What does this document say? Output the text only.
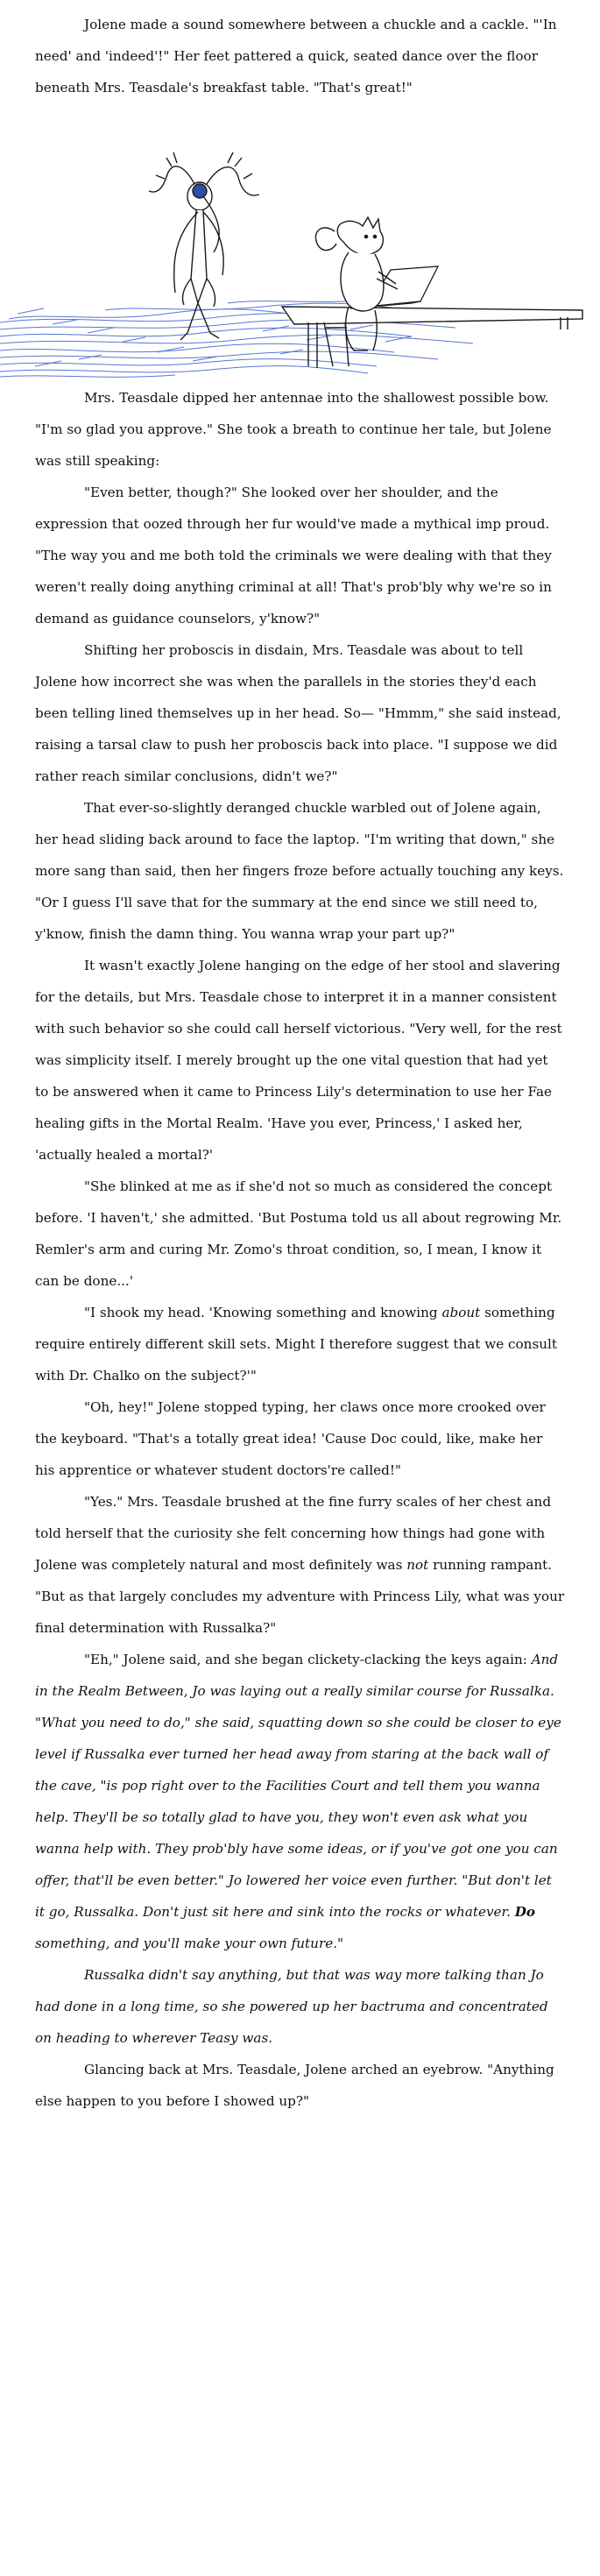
Jolene made a sound somewhere between a chuckle and a cackle. "'In need' and 'indeed'!" Her feet pattered a quick, seated dance over the floor beneath Mrs. Teasdale's breakfast table. "That's great!"

Mrs. Teasdale dipped her antennae into the shallowest possible bow. "I'm so glad you approve." She took a breath to continue her tale, but Jolene was still speaking:

"Even better, though?" She looked over her shoulder, and the expression that oozed through her fur would've made a mythical imp proud. "The way you and me both told the criminals we were dealing with that they weren't really doing anything criminal at all! That's prob'bly why we're so in demand as guidance counselors, y'know?"

Shifting her proboscis in disdain, Mrs. Teasdale was about to tell Jolene how incorrect she was when the parallels in the stories they'd each been telling lined themselves up in her head. So— "Hmmm," she said instead, raising a tarsal claw to push her proboscis back into place. "I suppose we did rather reach similar conclusions, didn't we?"

That ever-so-slightly deranged chuckle warbled out of Jolene again, her head sliding back around to face the laptop. "I'm writing that down," she more sang than said, then her fingers froze before actually touching any keys. "Or I guess I'll save that for the summary at the end since we still need to, y'know, finish the damn thing. You wanna wrap your part up?"

It wasn't exactly Jolene hanging on the edge of her stool and slavering for the details, but Mrs. Teasdale chose to interpret it in a manner consistent with such behavior so she could call herself victorious. "Very well, for the rest was simplicity itself. I merely brought up the one vital question that had yet to be answered when it came to Princess Lily's determination to use her Fae healing gifts in the Mortal Realm. 'Have you ever, Princess,' I asked her, 'actually healed a mortal?'

"She blinked at me as if she'd not so much as considered the concept before. 'I haven't,' she admitted. 'But Postuma told us all about regrowing Mr. Remler's arm and curing Mr. Zomo's throat condition, so, I mean, I know it can be done...'

"I shook my head. 'Knowing something and knowing about something require entirely different skill sets. Might I therefore suggest that we consult with Dr. Chalko on the subject?'"

"Oh, hey!" Jolene stopped typing, her claws once more crooked over the keyboard. "That's a totally great idea! 'Cause Doc could, like, make her his apprentice or whatever student doctors're called!"

"Yes." Mrs. Teasdale brushed at the fine furry scales of her chest and told herself that the curiosity she felt concerning how things had gone with Jolene was completely natural and most definitely was not running rampant. "But as that largely concludes my adventure with Princess Lily, what was your final determination with Russalka?"

"Eh," Jolene said, and she began clickety-clacking the keys again: And in the Realm Between, Jo was laying out a really similar course for Russalka. "What you need to do," she said, squatting down so she could be closer to eye level if Russalka ever turned her head away from staring at the back wall of the cave, "is pop right over to the Facilities Court and tell them you wanna help. They'll be so totally glad to have you, they won't even ask what you wanna help with. They prob'bly have some ideas, or if you've got one you can offer, that'll be even better." Jo lowered her voice even further. "But don't let it go, Russalka. Don't just sit here and sink into the rocks or whatever. Do something, and you'll make your own future."

Russalka didn't say anything, but that was way more talking than Jo had done in a long time, so she powered up her bactruma and concentrated on heading to wherever Teasy was.

Glancing back at Mrs. Teasdale, Jolene arched an eyebrow. "Anything else happen to you before I showed up?"
